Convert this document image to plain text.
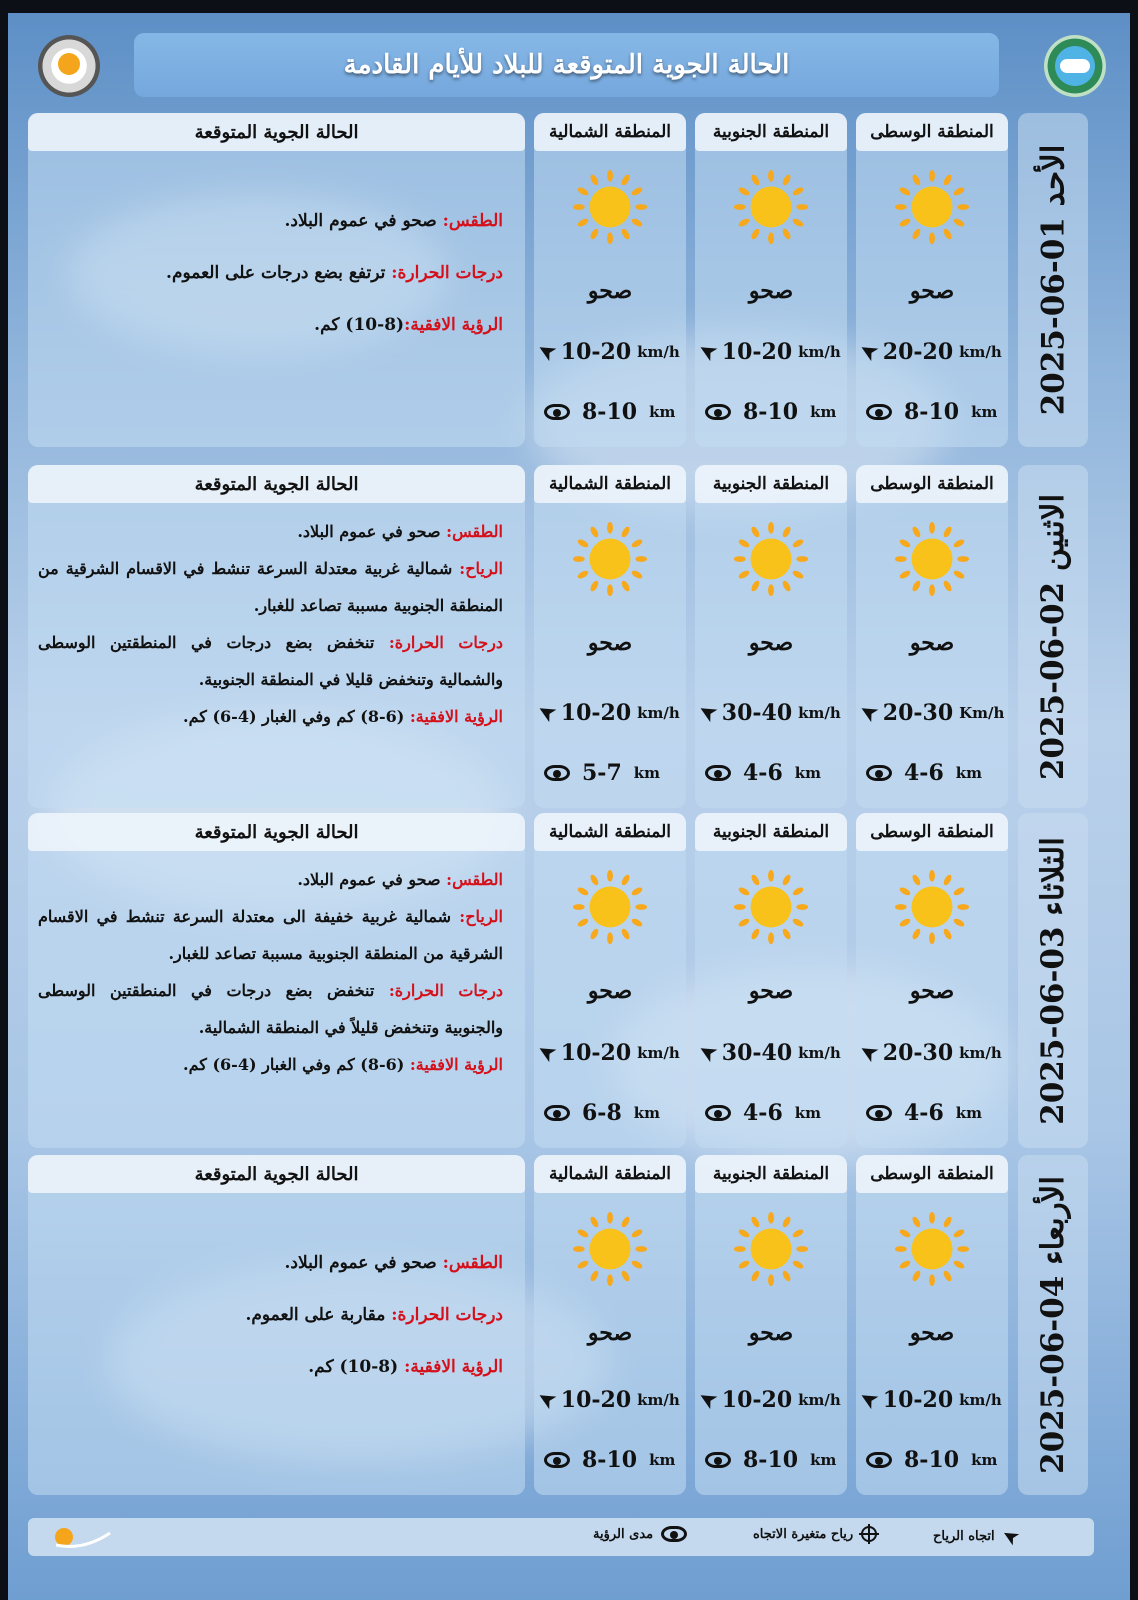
الحالة الجوية المتوقعة للبلاد للأيام القادمة
2025-06-01 الأحد
المنطقة الوسطى
صحو
➤ 20-20 km/h
8-10 km
المنطقة الجنوبية
صحو
➤ 10-20 km/h
8-10 km
المنطقة الشمالية
صحو
➤ 10-20 km/h
8-10 km
الحالة الجوية المتوقعة
الطقس: صحو في عموم البلاد.
درجات الحرارة: ترتفع بضع درجات على العموم.
الرؤية الافقية:(8-10) كم.
2025-06-02 الاثنين
المنطقة الوسطى
صحو
➤ 20-30 Km/h
4-6 km
المنطقة الجنوبية
صحو
➤ 30-40 km/h
4-6 km
المنطقة الشمالية
صحو
➤ 10-20 km/h
5-7 km
الحالة الجوية المتوقعة
الطقس: صحو في عموم البلاد.
الرياح: شمالية غربية معتدلة السرعة تنشط في الاقسام الشرقية من المنطقة الجنوبية مسببة تصاعد للغبار.
درجات الحرارة: تنخفض بضع درجات في المنطقتين الوسطى والشمالية وتنخفض قليلا في المنطقة الجنوبية.
الرؤية الافقية: (6-8) كم وفي الغبار (4-6) كم.
2025-06-03 الثلاثاء
المنطقة الوسطى
صحو
➤ 20-30 km/h
4-6 km
المنطقة الجنوبية
صحو
➤ 30-40 km/h
4-6 km
المنطقة الشمالية
صحو
➤ 10-20 km/h
6-8 km
الحالة الجوية المتوقعة
الطقس: صحو في عموم البلاد.
الرياح: شمالية غربية خفيفة الى معتدلة السرعة تنشط في الاقسام الشرقية من المنطقة الجنوبية مسببة تصاعد للغبار.
درجات الحرارة: تنخفض بضع درجات في المنطقتين الوسطى والجنوبية وتنخفض قليلاً في المنطقة الشمالية.
الرؤية الافقية: (6-8) كم وفي الغبار (4-6) كم.
2025-06-04 الأربعاء
المنطقة الوسطى
صحو
➤ 10-20 km/h
8-10 km
المنطقة الجنوبية
صحو
➤ 10-20 km/h
8-10 km
المنطقة الشمالية
صحو
➤ 10-20 km/h
8-10 km
الحالة الجوية المتوقعة
الطقس: صحو في عموم البلاد.
درجات الحرارة: مقاربة على العموم.
الرؤية الافقية: (8-10) كم.
➤
اتجاه الرياح
رياح متغيرة الاتجاه
مدى الرؤية
